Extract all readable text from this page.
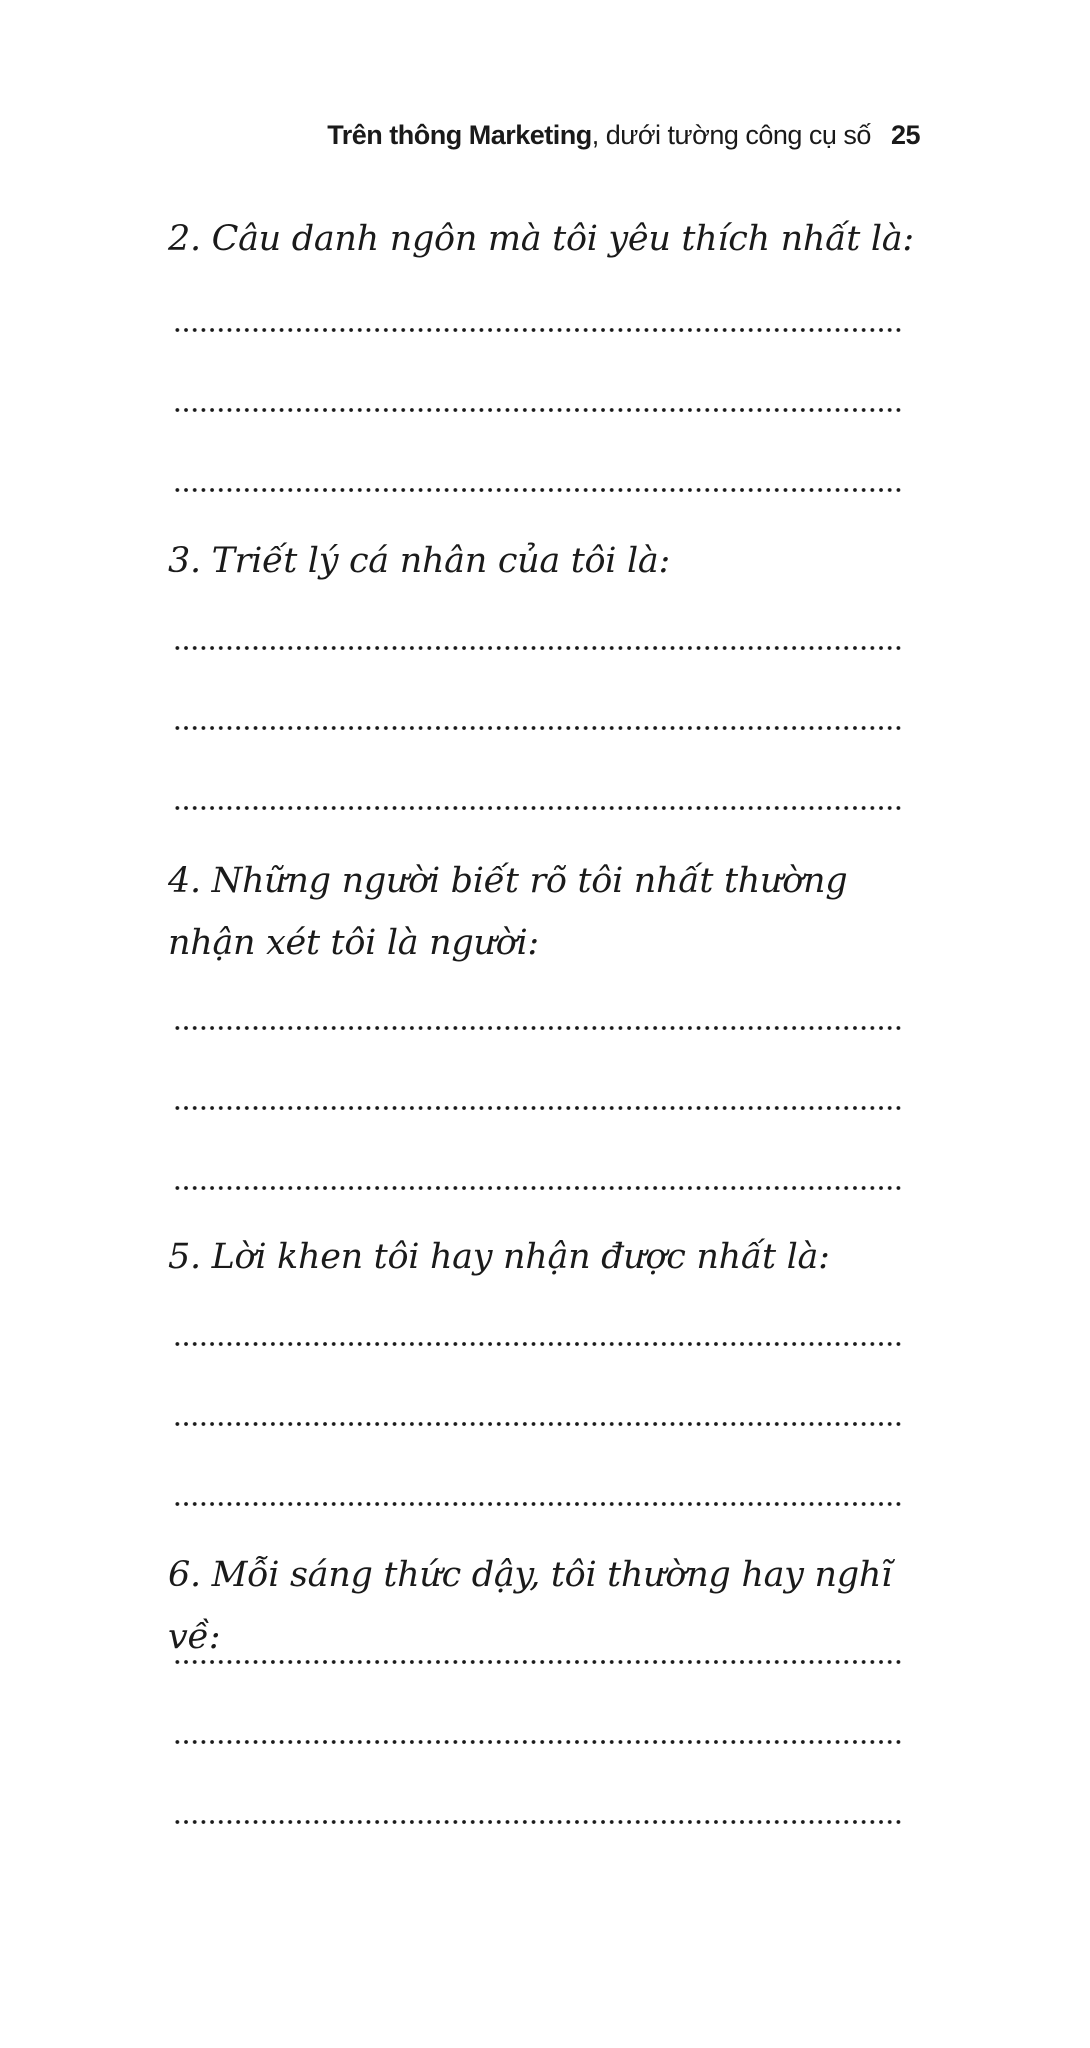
Trên thông Marketing, dưới tường công cụ số 25

2. Câu danh ngôn mà tôi yêu thích nhất là:

3. Triết lý cá nhân của tôi là:

4. Những người biết rõ tôi nhất thường nhận xét tôi là người:

5. Lời khen tôi hay nhận được nhất là:

6. Mỗi sáng thức dậy, tôi thường hay nghĩ về:
